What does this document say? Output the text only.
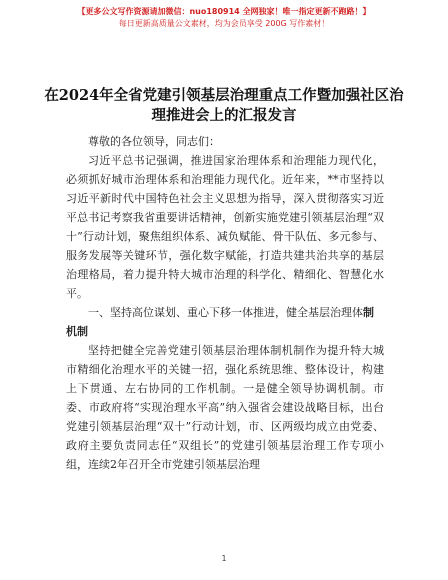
【更多公文写作资源请加微信：nuo180914 全网独家！唯一指定更新不跑路！】
每日更新高质量公文素材，均为会员享受 200G 写作素材！
在2024年全省党建引领基层治理重点工作暨加强社区治理推进会上的汇报发言

尊敬的各位领导，同志们：

习近平总书记强调，推进国家治理体系和治理能力现代化，必须抓好城市治理体系和治理能力现代化。近年来，**市坚持以习近平新时代中国特色社会主义思想为指导，深入贯彻落实习近平总书记考察我省重要讲话精神，创新实施党建引领基层治理“双十”行动计划，聚焦组织体系、减负赋能、骨干队伍、多元参与、服务发展等关键环节，强化数字赋能，打造共建共治共享的基层治理格局，着力提升特大城市治理的科学化、精细化、智慧化水平。

一、坚持高位谋划、重心下移一体推进，健全基层治理体制机制

坚持把健全完善党建引领基层治理体制机制作为提升特大城市精细化治理水平的关键一招，强化系统思维、整体设计，构建上下贯通、左右协同的工作机制。一是健全领导协调机制。市委、市政府将“实现治理水平高”纳入强省会建设战略目标，出台党建引领基层治理“双十”行动计划，市、区两级均成立由党委、政府主要负责同志任“双组长”的党建引领基层治理工作专项小组，连续2年召开全市党建引领基层治理

1
